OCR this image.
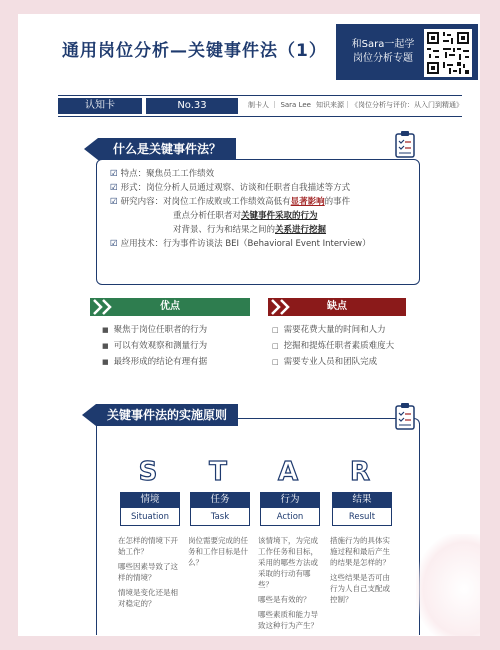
通用岗位分析—关键事件法（1）	和Sara一起学
岗位分析专题
认知卡	No.33	制卡人 ｜ Sara Lee 知识来源｜《岗位分析与评价：从入门到精通》
什么是关键事件法？
☑ 特点：聚焦员工工作绩效
☑ 形式：岗位分析人员通过观察、访谈和任职者自我描述等方式
☑ 研究内容：对岗位工作成败或工作绩效高低有显著影响的事件
重点分析任职者对关键事件采取的行为
对背景、行为和结果之间的关系进行挖掘
☑ 应用技术：行为事件访谈法 BEI（Behavioral Event Interview）
优点	缺点
■ 聚焦于岗位任职者的行为
■ 可以有效观察和测量行为
■ 最终形成的结论有理有据
□ 需要花费大量的时间和人力
□ 挖掘和提炼任职者素质难度大
□ 需要专业人员和团队完成
关键事件法的实施原则
S
情境
Situation

在怎样的情境下开始工作？

哪些因素导致了这样的情境？

情境是变化还是相对稳定的？

T
任务
Task

岗位需要完成的任务和工作目标是什么？

A
行为
Action

该情境下，为完成工作任务和目标，采用的哪些方法或采取的行动有哪些？

哪些是有效的？

哪些素质和能力导致这种行为产生？

R
结果
Result

措施行为的具体实施过程和最后产生的结果是怎样的？

这些结果是否可由行为人自己支配或控制？
